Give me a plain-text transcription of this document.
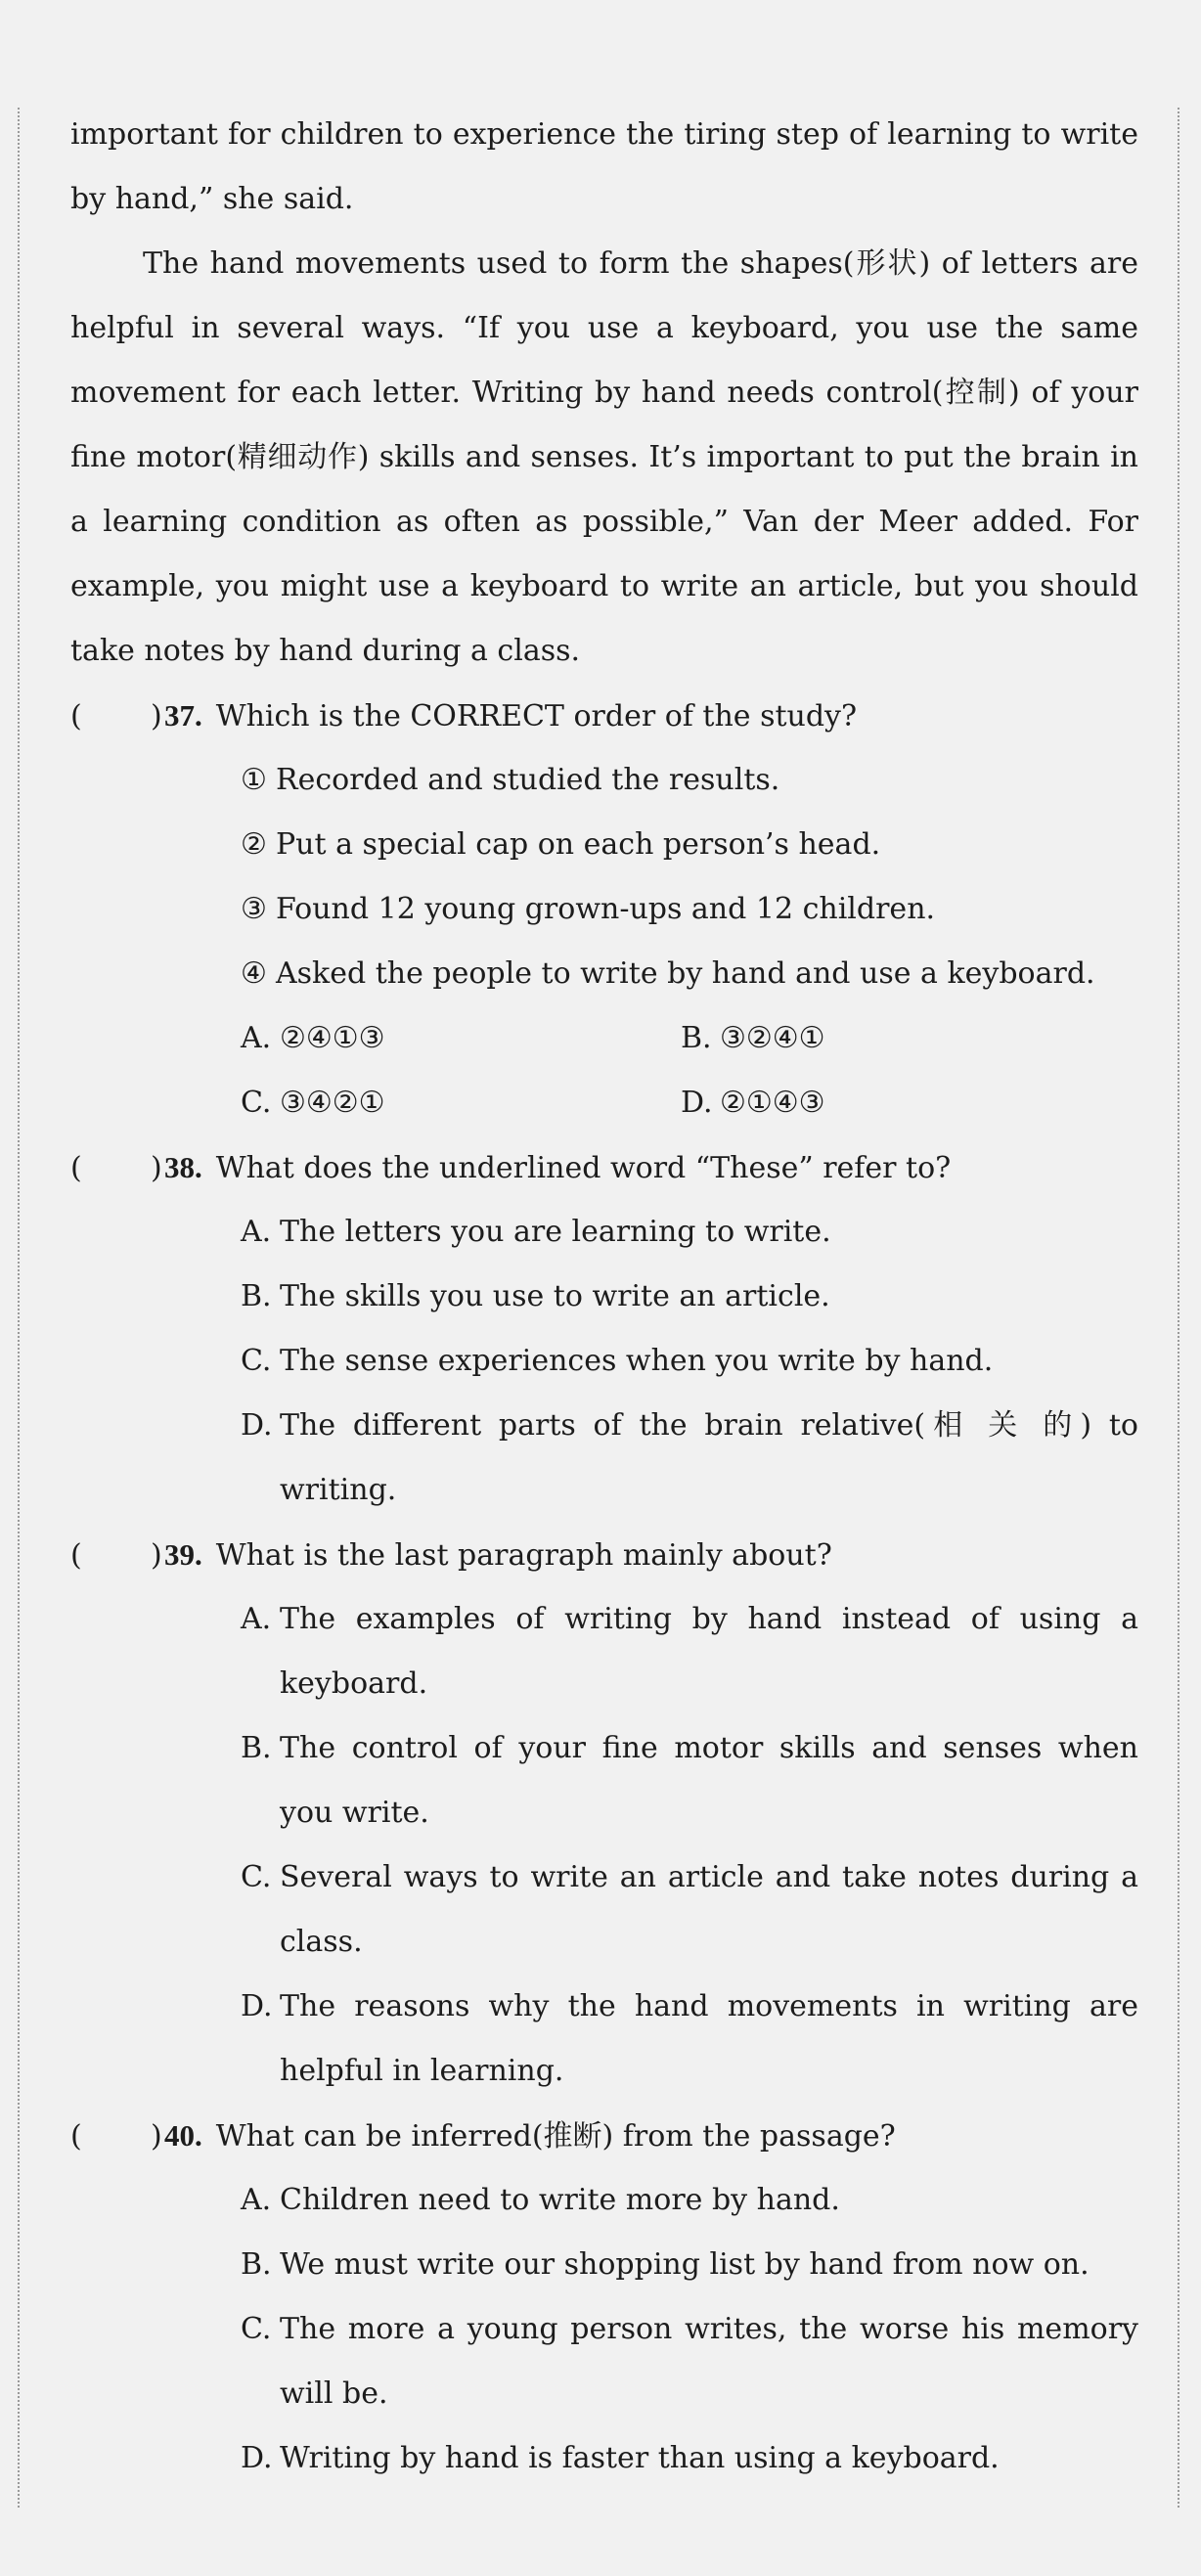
important for children to experience the tiring step of learning to write by hand,” she said.

The hand movements used to form the shapes(形状) of letters are helpful in several ways. “If you use a keyboard, you use the same movement for each letter. Writing by hand needs control(控制) of your fine motor(精细动作) skills and senses. It’s important to put the brain in a learning condition as often as possible,” Van der Meer added. For example, you might use a keyboard to write an article, but you should take notes by hand during a class.

(	) 37. Which is the CORRECT order of the study?
① Recorded and studied the results.
② Put a special cap on each person’s head.
③ Found 12 young grown-ups and 12 children.
④ Asked the people to write by hand and use a keyboard.
A. ②④①③	B. ③②④①
C. ③④②①	D. ②①④③
(	) 38. What does the underlined word “These” refer to?
A. The letters you are learning to write.
B. The skills you use to write an article.
C. The sense experiences when you write by hand.
D. The different parts of the brain relative(相 关 的) to
writing.
(	) 39. What is the last paragraph mainly about?
A. The examples of writing by hand instead of using a
keyboard.
B. The control of your fine motor skills and senses when
you write.
C. Several ways to write an article and take notes during a
class.
D. The reasons why the hand movements in writing are
helpful in learning.
(	) 40. What can be inferred(推断) from the passage?
A. Children need to write more by hand.
B. We must write our shopping list by hand from now on.
C. The more a young person writes, the worse his memory
will be.
D. Writing by hand is faster than using a keyboard.
